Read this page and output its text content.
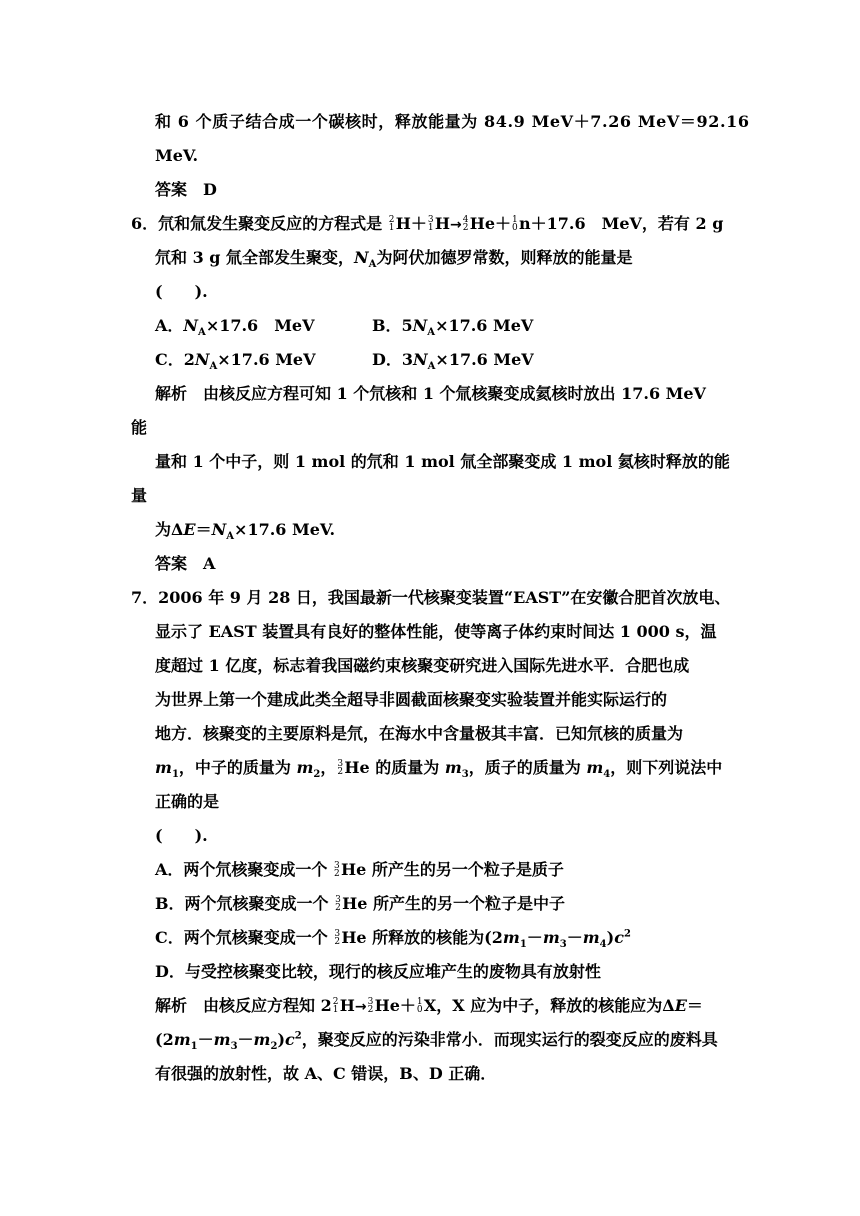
和 6 个质子结合成一个碳核时，释放能量为 84.9 MeV＋7.26 MeV＝92.16
MeV.
答案　D
6．氘和氚发生聚变反应的方程式是 2
1 H＋ 3
1 H→ 4
2 He＋ 1
0 n＋17.6　MeV，若有 2 g
氘和 3 g 氚全部发生聚变，$N_A$为阿伏加德罗常数，则释放的能量是
(　　).
A．$N_A\times 17.6$　MeV	B．$5N_A\times 17.6$ MeV
C．$2N_A\times 17.6$ MeV	D．$3N_A\times 17.6$ MeV
解析　由核反应方程可知 1 个氘核和 1 个氚核聚变成氦核时放出 17.6 MeV
能
量和 1 个中子，则 1 mol 的氘和 1 mol 氚全部聚变成 1 mol 氦核时释放的能
量
为$\Delta E=N_A\times 17.6$ MeV.
答案　A
7．2006 年 9 月 28 日，我国最新一代核聚变装置“EAST”在安徽合肥首次放电、
显示了 EAST 装置具有良好的整体性能，使等离子体约束时间达 1 000 s，温
度超过 1 亿度，标志着我国磁约束核聚变研究进入国际先进水平．合肥也成
为世界上第一个建成此类全超导非圆截面核聚变实验装置并能实际运行的
地方．核聚变的主要原料是氘，在海水中含量极其丰富．已知氘核的质量为
$m_1$，中子的质量为 $m_2$， 3
2 He 的质量为 $m_3$，质子的质量为 $m_4$，则下列说法中
正确的是
(　　).
A．两个氘核聚变成一个 3
2 He 所产生的另一个粒子是质子
B．两个氘核聚变成一个 3
2 He 所产生的另一个粒子是中子
C．两个氘核聚变成一个 3
2 He 所释放的核能为$(2m_1-m_3-m_4)c^2$
D．与受控核聚变比较，现行的核反应堆产生的废物具有放射性
解析　由核反应方程知 2 2
1 H→ 3
2 He＋ 1
0 X，X 应为中子，释放的核能应为ΔE＝
$(2m_1-m_3-m_2)c^2$，聚变反应的污染非常小．而现实运行的裂变反应的废料具
有很强的放射性，故 A、C 错误，B、D 正确．
